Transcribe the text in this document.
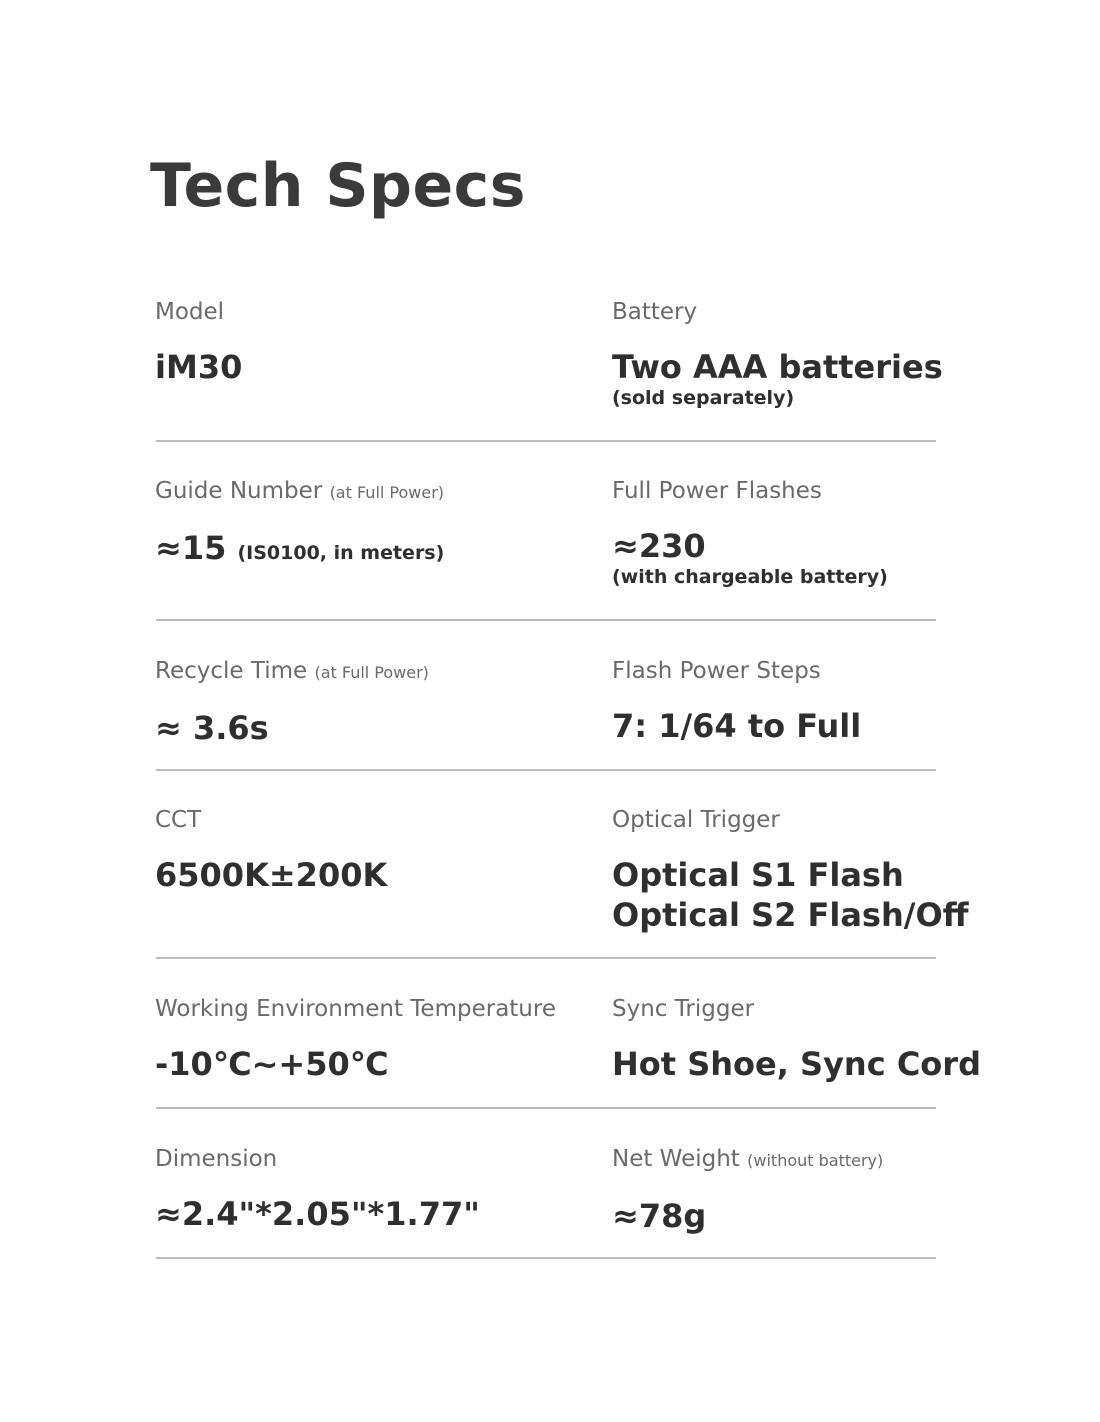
Tech Specs
Model
iM30
Battery
Two AAA batteries
(sold separately)
Guide Number (at Full Power)
≈15 (IS0100, in meters)
Full Power Flashes
≈230
(with chargeable battery)
Recycle Time (at Full Power)
≈ 3.6s
Flash Power Steps
7: 1/64 to Full
CCT
6500K±200K
Optical Trigger
Optical S1 Flash
Optical S2 Flash/Off
Working Environment Temperature
-10℃~+50℃
Sync Trigger
Hot Shoe, Sync Cord
Dimension
≈2.4"*2.05"*1.77"
Net Weight (without battery)
≈78g
